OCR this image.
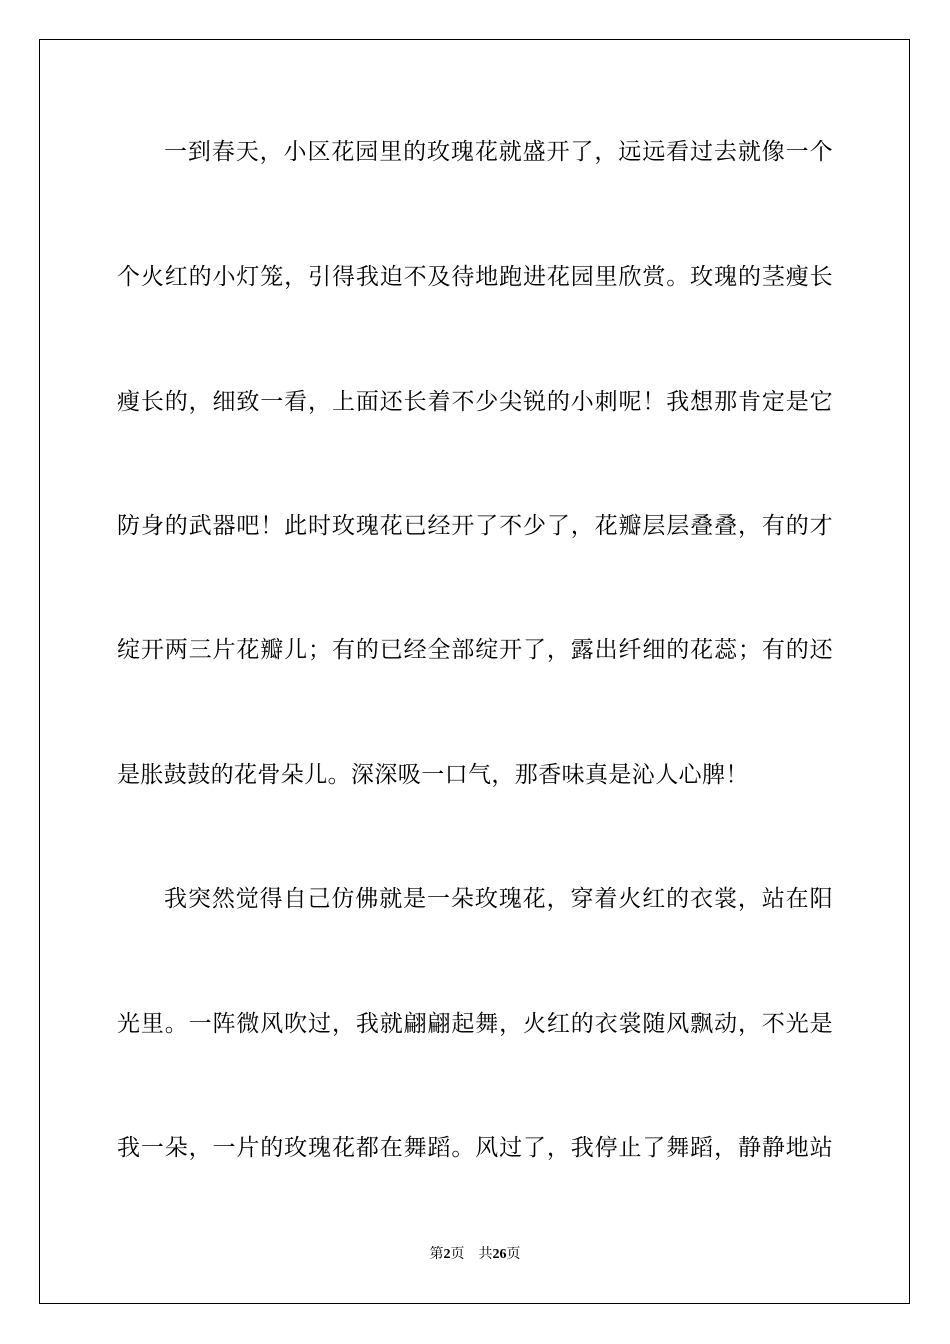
一到春天，小区花园里的玫瑰花就盛开了，远远看过去就像一个
个火红的小灯笼，引得我迫不及待地跑进花园里欣赏。玫瑰的茎瘦长
瘦长的，细致一看，上面还长着不少尖锐的小刺呢！我想那肯定是它
防身的武器吧！此时玫瑰花已经开了不少了，花瓣层层叠叠，有的才
绽开两三片花瓣儿；有的已经全部绽开了，露出纤细的花蕊；有的还
是胀鼓鼓的花骨朵儿。深深吸一口气，那香味真是沁人心脾！
我突然觉得自己仿佛就是一朵玫瑰花，穿着火红的衣裳，站在阳
光里。一阵微风吹过，我就翩翩起舞，火红的衣裳随风飘动，不光是
我一朵，一片的玫瑰花都在舞蹈。风过了，我停止了舞蹈，静静地站
第2页 共26页
